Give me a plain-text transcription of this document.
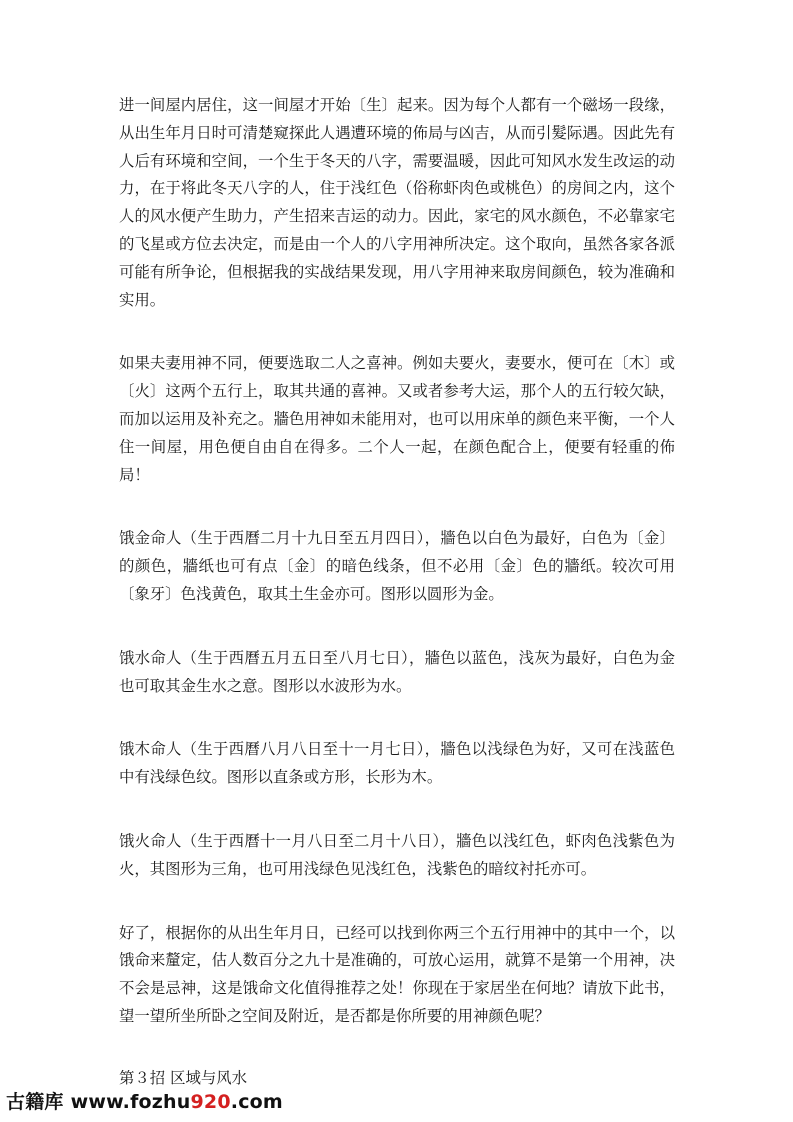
进一间屋内居住，这一间屋才开始〔生〕起来。因为每个人都有一个磁场一段缘，从出生年月日时可清楚窥探此人遇遭环境的佈局与凶吉，从而引髮际遇。因此先有人后有环境和空间，一个生于冬天的八字，需要温暖，因此可知风水发生改运的动力，在于将此冬天八字的人，住于浅红色（俗称虾肉色或桃色）的房间之内，这个人的风水便产生助力，产生招来吉运的动力。因此，家宅的风水颜色，不必靠家宅的飞星或方位去决定，而是由一个人的八字用神所决定。这个取向，虽然各家各派可能有所争论，但根据我的实战结果发现，用八字用神来取房间颜色，较为准确和实用。

如果夫妻用神不同，便要选取二人之喜神。例如夫要火，妻要水，便可在〔木〕或〔火〕这两个五行上，取其共通的喜神。又或者参考大运，那个人的五行较欠缺，而加以运用及补充之。牆色用神如未能用对，也可以用床单的颜色来平衡，一个人住一间屋，用色便自由自在得多。二个人一起，在颜色配合上，便要有轻重的佈局！

饿金命人（生于西曆二月十九日至五月四日），牆色以白色为最好，白色为〔金〕的颜色，牆纸也可有点〔金〕的暗色线条，但不必用〔金〕色的牆纸。较次可用〔象牙〕色浅黄色，取其土生金亦可。图形以圆形为金。

饿水命人（生于西曆五月五日至八月七日），牆色以蓝色，浅灰为最好，白色为金也可取其金生水之意。图形以水波形为水。

饿木命人（生于西曆八月八日至十一月七日），牆色以浅绿色为好，又可在浅蓝色中有浅绿色纹。图形以直条或方形，长形为木。

饿火命人（生于西曆十一月八日至二月十八日），牆色以浅红色，虾肉色浅紫色为火，其图形为三角，也可用浅绿色见浅红色，浅紫色的暗纹衬托亦可。

好了，根据你的从出生年月日，已经可以找到你两三个五行用神中的其中一个，以饿命来釐定，估人数百分之九十是准确的，可放心运用，就算不是第一个用神，决不会是忌神，这是饿命文化值得推荐之处！你现在于家居坐在何地？请放下此书，望一望所坐所卧之空间及附近，是否都是你所要的用神颜色呢？

第３招 区域与风水

古籍库 www.fozhu920.com
